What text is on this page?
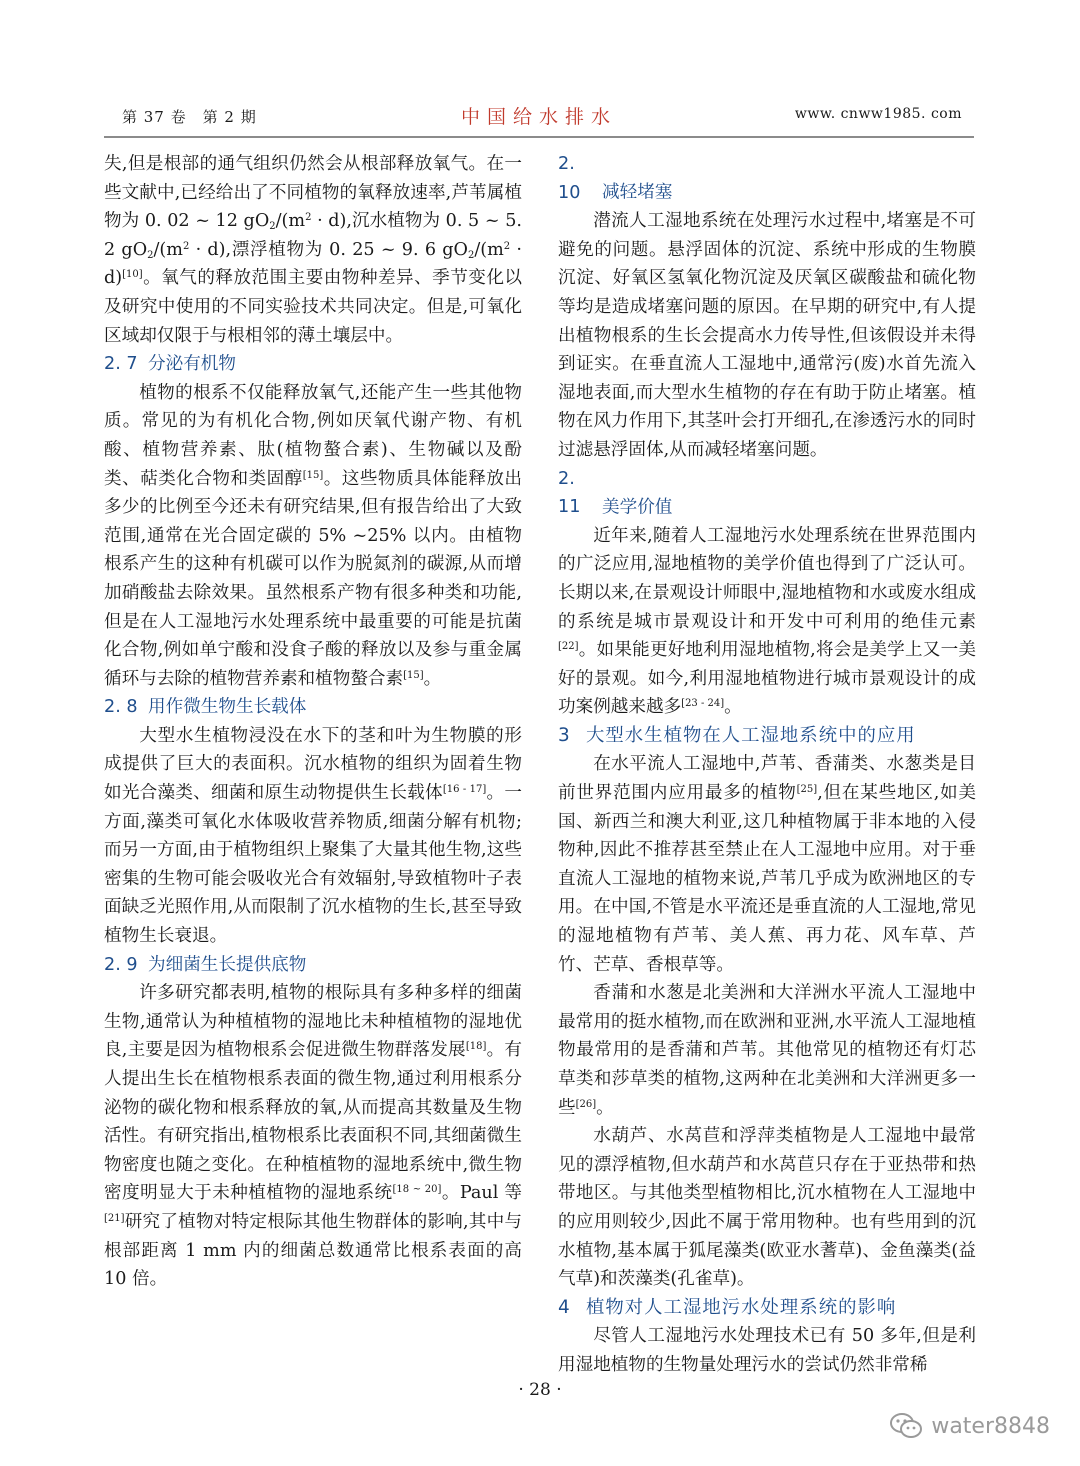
第 37 卷　第 2 期	中国给水排水	www. cnww1985. com

失,但是根部的通气组织仍然会从根部释放氧气。在一些文献中,已经给出了不同植物的氧释放速率,芦苇属植物为 0. 02 ~ 12 $gO_2/(m^2 \cdot d)$,沉水植物为 0. 5 ~ 5. 2 $gO_2/(m^2 \cdot d)$,漂浮植物为 0. 25 ~ 9. 6 $gO_2/(m^2 \cdot d)[10]$。氧气的释放范围主要由物种差异、季节变化以及研究中使用的不同实验技术共同决定。但是,可氧化区域却仅限于与根相邻的薄土壤层中。

2. 7 分泌有机物

植物的根系不仅能释放氧气,还能产生一些其他物质。常见的为有机化合物,例如厌氧代谢产物、有机酸、植物营养素、肽(植物螯合素)、生物碱以及酚类、萜类化合物和类固醇[15]。这些物质具体能释放出多少的比例至今还未有研究结果,但有报告给出了大致范围,通常在光合固定碳的 5% ~25% 以内。由植物根系产生的这种有机碳可以作为脱氮剂的碳源,从而增加硝酸盐去除效果。虽然根系产物有很多种类和功能,但是在人工湿地污水处理系统中最重要的可能是抗菌化合物,例如单宁酸和没食子酸的释放以及参与重金属循环与去除的植物营养素和植物螯合素[15]。

2. 8 用作微生物生长载体

大型水生植物浸没在水下的茎和叶为生物膜的形成提供了巨大的表面积。沉水植物的组织为固着生物如光合藻类、细菌和原生动物提供生长载体[16 - 17]。一方面,藻类可氧化水体吸收营养物质,细菌分解有机物;而另一方面,由于植物组织上聚集了大量其他生物,这些密集的生物可能会吸收光合有效辐射,导致植物叶子表面缺乏光照作用,从而限制了沉水植物的生长,甚至导致植物生长衰退。

2. 9 为细菌生长提供底物

许多研究都表明,植物的根际具有多种多样的细菌生物,通常认为种植植物的湿地比未种植植物的湿地优良,主要是因为植物根系会促进微生物群落发展[18]。有人提出生长在植物根系表面的微生物,通过利用根系分泌物的碳化物和根系释放的氧,从而提高其数量及生物活性。有研究指出,植物根系比表面积不同,其细菌微生物密度也随之变化。在种植植物的湿地系统中,微生物密度明显大于未种植植物的湿地系统[18 ~ 20]。Paul 等[21]研究了植物对特定根际其他生物群体的影响,其中与根部距离 1 mm 内的细菌总数通常比根系表面的高 10 倍。

2. 10 减轻堵塞

潜流人工湿地系统在处理污水过程中,堵塞是不可避免的问题。悬浮固体的沉淀、系统中形成的生物膜沉淀、好氧区氢氧化物沉淀及厌氧区碳酸盐和硫化物等均是造成堵塞问题的原因。在早期的研究中,有人提出植物根系的生长会提高水力传导性,但该假设并未得到证实。在垂直流人工湿地中,通常污(废)水首先流入湿地表面,而大型水生植物的存在有助于防止堵塞。植物在风力作用下,其茎叶会打开细孔,在渗透污水的同时过滤悬浮固体,从而减轻堵塞问题。

2. 11 美学价值

近年来,随着人工湿地污水处理系统在世界范围内的广泛应用,湿地植物的美学价值也得到了广泛认可。长期以来,在景观设计师眼中,湿地植物和水或废水组成的系统是城市景观设计和开发中可利用的绝佳元素[22]。如果能更好地利用湿地植物,将会是美学上又一美好的景观。如今,利用湿地植物进行城市景观设计的成功案例越来越多[23 - 24]。

3 大型水生植物在人工湿地系统中的应用

在水平流人工湿地中,芦苇、香蒲类、水葱类是目前世界范围内应用最多的植物[25],但在某些地区,如美国、新西兰和澳大利亚,这几种植物属于非本地的入侵物种,因此不推荐甚至禁止在人工湿地中应用。对于垂直流人工湿地的植物来说,芦苇几乎成为欧洲地区的专用。在中国,不管是水平流还是垂直流的人工湿地,常见的湿地植物有芦苇、美人蕉、再力花、风车草、芦竹、芒草、香根草等。

香蒲和水葱是北美洲和大洋洲水平流人工湿地中最常用的挺水植物,而在欧洲和亚洲,水平流人工湿地植物最常用的是香蒲和芦苇。其他常见的植物还有灯芯草类和莎草类的植物,这两种在北美洲和大洋洲更多一些[26]。

水葫芦、水莴苣和浮萍类植物是人工湿地中最常见的漂浮植物,但水葫芦和水莴苣只存在于亚热带和热带地区。与其他类型植物相比,沉水植物在人工湿地中的应用则较少,因此不属于常用物种。也有些用到的沉水植物,基本属于狐尾藻类(欧亚水蓍草)、金鱼藻类(益气草)和茨藻类(孔雀草)。

4 植物对人工湿地污水处理系统的影响

尽管人工湿地污水处理技术已有 50 多年,但是利用湿地植物的生物量处理污水的尝试仍然非常稀

· 28 ·
water8848
